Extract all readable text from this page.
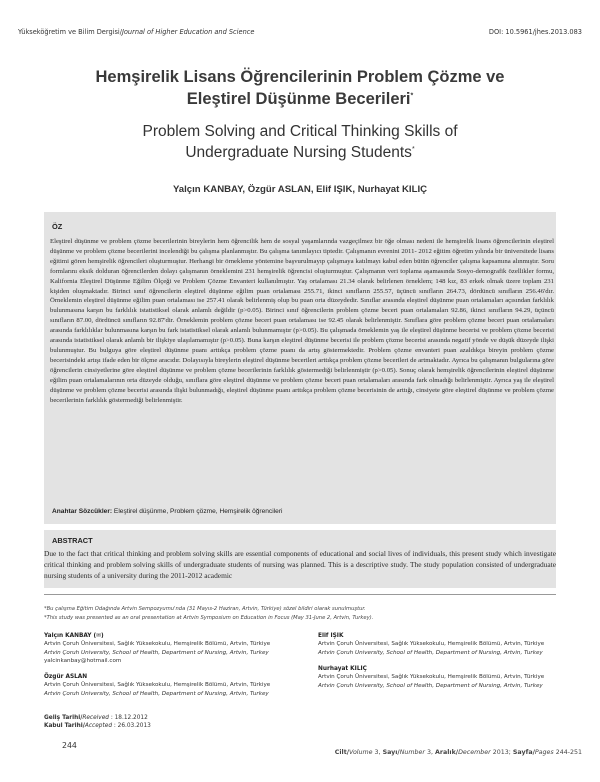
Yükseköğretim ve Bilim Dergisi/Journal of Higher Education and Science	DOI: 10.5961/jhes.2013.083
Hemşirelik Lisans Öğrencilerinin Problem Çözme ve
Eleştirel Düşünme Becerileri*
Problem Solving and Critical Thinking Skills of
Undergraduate Nursing Students*
Yalçın KANBAY, Özgür ASLAN, Elif IŞIK, Nurhayat KILIÇ
ÖZ

Eleştirel düşünme ve problem çözme becerilerinin bireylerin hem öğrencilik hem de sosyal yaşamlarında vazgeçilmez bir öğe olması nedeni ile hemşirelik lisans öğrencilerinin eleştirel düşünme ve problem çözme becerilerini incelendiği bu çalışma planlanmıştır. Bu çalışma tanımlayıcı tiptedir. Çalışmanın evrenini 2011- 2012 eğitim öğretim yılında bir üniversitede lisans eğitimi gören hemşirelik öğrencileri oluşturmuştur. Herhangi bir örnekleme yöntemine başvurulmayıp çalışmaya katılmayı kabul eden bütün öğrenciler çalışma kapsamına alınmıştır. Soru formlarını eksik dolduran öğrencilerden dolayı çalışmanın örneklemini 231 hemşirelik öğrencisi oluşturmuştur. Çalışmanın veri toplama aşamasında Sosyo-demografik özellikler formu, Kalifornia Eleştirel Düşünme Eğilim Ölçeği ve Problem Çözme Envanteri kullanılmıştır. Yaş ortalaması 21.34 olarak belirlenen örneklem; 148 kız, 83 erkek olmak üzere toplam 231 kişiden oluşmaktadır. Birinci sınıf öğrencilerin eleştirel düşünme eğilim puan ortalaması 255.71, ikinci sınıfların 255.57, üçüncü sınıfların 264.73, dördüncü sınıfların 256.46'dır. Örneklemin eleştirel düşünme eğilim puan ortalaması ise 257.41 olarak belirlenmiş olup bu puan orta düzeydedir. Sınıflar arasında eleştirel düşünme puan ortalamaları açısından farklılık bulunmasına karşın bu farklılık istatistiksel olarak anlamlı değildir (p>0.05). Birinci sınıf öğrencilerin problem çözme beceri puan ortalamaları 92.86, ikinci sınıfların 94.29, üçüncü sınıfların 87.00, dördüncü sınıfların 92.87'dir. Örneklemin problem çözme beceri puan ortalaması ise 92.45 olarak belirlenmiştir. Sınıflara göre problem çözme beceri puan ortalamaları arasında farklılıklar bulunmasına karşın bu fark istatistiksel olarak anlamlı bulunmamıştır (p>0.05). Bu çalışmada örneklemin yaş ile eleştirel düşünme becerisi ve problem çözme becerisi arasında istatistiksel olarak anlamlı bir ilişkiye ulaşılamamıştır (p>0.05). Buna karşın eleştirel düşünme becerisi ile problem çözme becerisi arasında negatif yönde ve düşük düzeyde ilişki bulunmuştur. Bu bulguya göre eleştirel düşünme puanı arttıkça problem çözme puanı da artış göstermektedir. Problem çözme envanteri puan azaldıkça bireyin problem çözme becerisindeki artışı ifade eden bir ölçme aracıdır. Dolayısıyla bireylerin eleştirel düşünme becerileri arttıkça problem çözme becerileri de artmaktadır. Ayrıca bu çalışmanın bulgularına göre öğrencilerin cinsiyetlerine göre eleştirel düşünme ve problem çözme becerilerinin farklılık göstermediği belirlenmiştir (p>0.05). Sonuç olarak hemşirelik öğrencilerinin eleştirel düşünme eğilim puan ortalamalarının orta düzeyde olduğu, sınıflara göre eleştirel düşünme ve problem çözme beceri puan ortalamaları arasında fark olmadığı belirlenmiştir. Ayrıca yaş ile eleştirel düşünme ve problem çözme becerisi arasında ilişki bulunmadığı, eleştirel düşünme puanı arttıkça problem çözme becerisinin de arttığı, cinsiyete göre eleştirel düşünme ve problem çözme becerilerinin farklılık göstermediği belirlenmiştir.

Anahtar Sözcükler: Eleştirel düşünme, Problem çözme, Hemşirelik öğrencileri
ABSTRACT

Due to the fact that critical thinking and problem solving skills are essential components of educational and social lives of individuals, this present study which investigate critical thinking and problem solving skills of undergraduate students of nursing was planned. This is a descriptive study. The study population consisted of undergraduate nursing students of a university during the 2011-2012 academic

*Bu çalışma Eğitim Odağında Artvin Sempozyumu'nda (31 Mayıs-2 Haziran, Artvin, Türkiye) sözel bildiri olarak sunulmuştur.
*This study was presented as an oral presentation at Artvin Symposium on Education in Focus (May 31-June 2, Artvin, Turkey).
Yalçın KANBAY (✉)
Artvin Çoruh Üniversitesi, Sağlık Yüksekokulu, Hemşirelik Bölümü, Artvin, Türkiye
Artvin Çoruh University, School of Health, Department of Nursing, Artvin, Turkey
yalcinkanbay@hotmail.com
Özgür ASLAN
Artvin Çoruh Üniversitesi, Sağlık Yüksekokulu, Hemşirelik Bölümü, Artvin, Türkiye
Artvin Çoruh University, School of Health, Department of Nursing, Artvin, Turkey
Elif IŞIK
Artvin Çoruh Üniversitesi, Sağlık Yüksekokulu, Hemşirelik Bölümü, Artvin, Türkiye
Artvin Çoruh University, School of Health, Department of Nursing, Artvin, Turkey
Nurhayat KILIÇ
Artvin Çoruh Üniversitesi, Sağlık Yüksekokulu, Hemşirelik Bölümü, Artvin, Türkiye
Artvin Çoruh University, School of Health, Department of Nursing, Artvin, Turkey
Geliş Tarihi/Received : 18.12.2012
Kabul Tarihi/Accepted : 26.03.2013
244
Cilt/Volume 3, Sayı/Number 3, Aralık/December 2013; Sayfa/Pages 244-251
